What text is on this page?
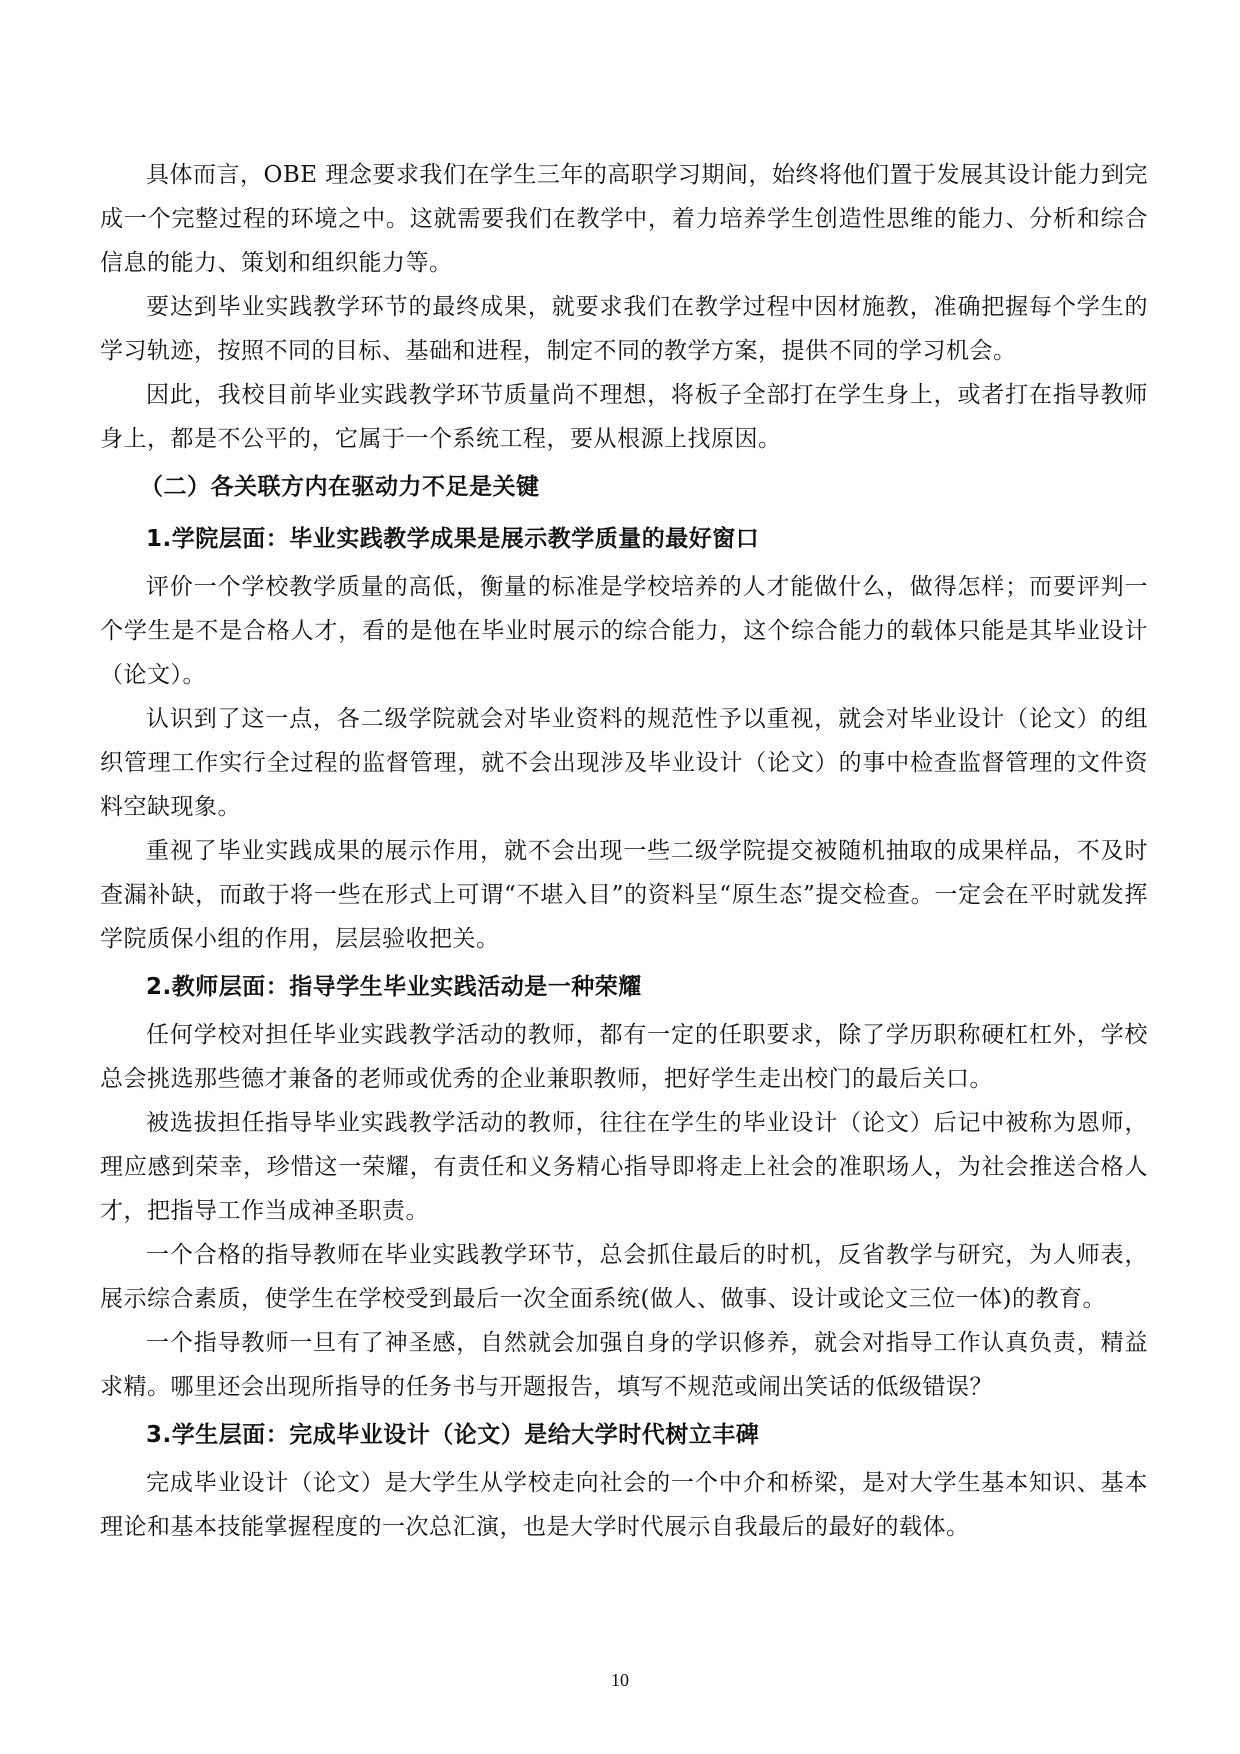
具体而言，OBE 理念要求我们在学生三年的高职学习期间，始终将他们置于发展其设计能力到完成一个完整过程的环境之中。这就需要我们在教学中，着力培养学生创造性思维的能力、分析和综合信息的能力、策划和组织能力等。

要达到毕业实践教学环节的最终成果，就要求我们在教学过程中因材施教，准确把握每个学生的学习轨迹，按照不同的目标、基础和进程，制定不同的教学方案，提供不同的学习机会。

因此，我校目前毕业实践教学环节质量尚不理想，将板子全部打在学生身上，或者打在指导教师身上，都是不公平的，它属于一个系统工程，要从根源上找原因。

（二）各关联方内在驱动力不足是关键

1.学院层面：毕业实践教学成果是展示教学质量的最好窗口

评价一个学校教学质量的高低，衡量的标准是学校培养的人才能做什么，做得怎样；而要评判一个学生是不是合格人才，看的是他在毕业时展示的综合能力，这个综合能力的载体只能是其毕业设计（论文）。

认识到了这一点，各二级学院就会对毕业资料的规范性予以重视，就会对毕业设计（论文）的组织管理工作实行全过程的监督管理，就不会出现涉及毕业设计（论文）的事中检查监督管理的文件资料空缺现象。

重视了毕业实践成果的展示作用，就不会出现一些二级学院提交被随机抽取的成果样品，不及时查漏补缺，而敢于将一些在形式上可谓“不堪入目”的资料呈“原生态”提交检查。一定会在平时就发挥学院质保小组的作用，层层验收把关。

2.教师层面：指导学生毕业实践活动是一种荣耀

任何学校对担任毕业实践教学活动的教师，都有一定的任职要求，除了学历职称硬杠杠外，学校总会挑选那些德才兼备的老师或优秀的企业兼职教师，把好学生走出校门的最后关口。

被选拔担任指导毕业实践教学活动的教师，往往在学生的毕业设计（论文）后记中被称为恩师，理应感到荣幸，珍惜这一荣耀，有责任和义务精心指导即将走上社会的准职场人，为社会推送合格人才，把指导工作当成神圣职责。

一个合格的指导教师在毕业实践教学环节，总会抓住最后的时机，反省教学与研究，为人师表，展示综合素质，使学生在学校受到最后一次全面系统(做人、做事、设计或论文三位一体)的教育。

一个指导教师一旦有了神圣感，自然就会加强自身的学识修养，就会对指导工作认真负责，精益求精。哪里还会出现所指导的任务书与开题报告，填写不规范或闹出笑话的低级错误？

3.学生层面：完成毕业设计（论文）是给大学时代树立丰碑

完成毕业设计（论文）是大学生从学校走向社会的一个中介和桥梁，是对大学生基本知识、基本理论和基本技能掌握程度的一次总汇演，也是大学时代展示自我最后的最好的载体。

10
